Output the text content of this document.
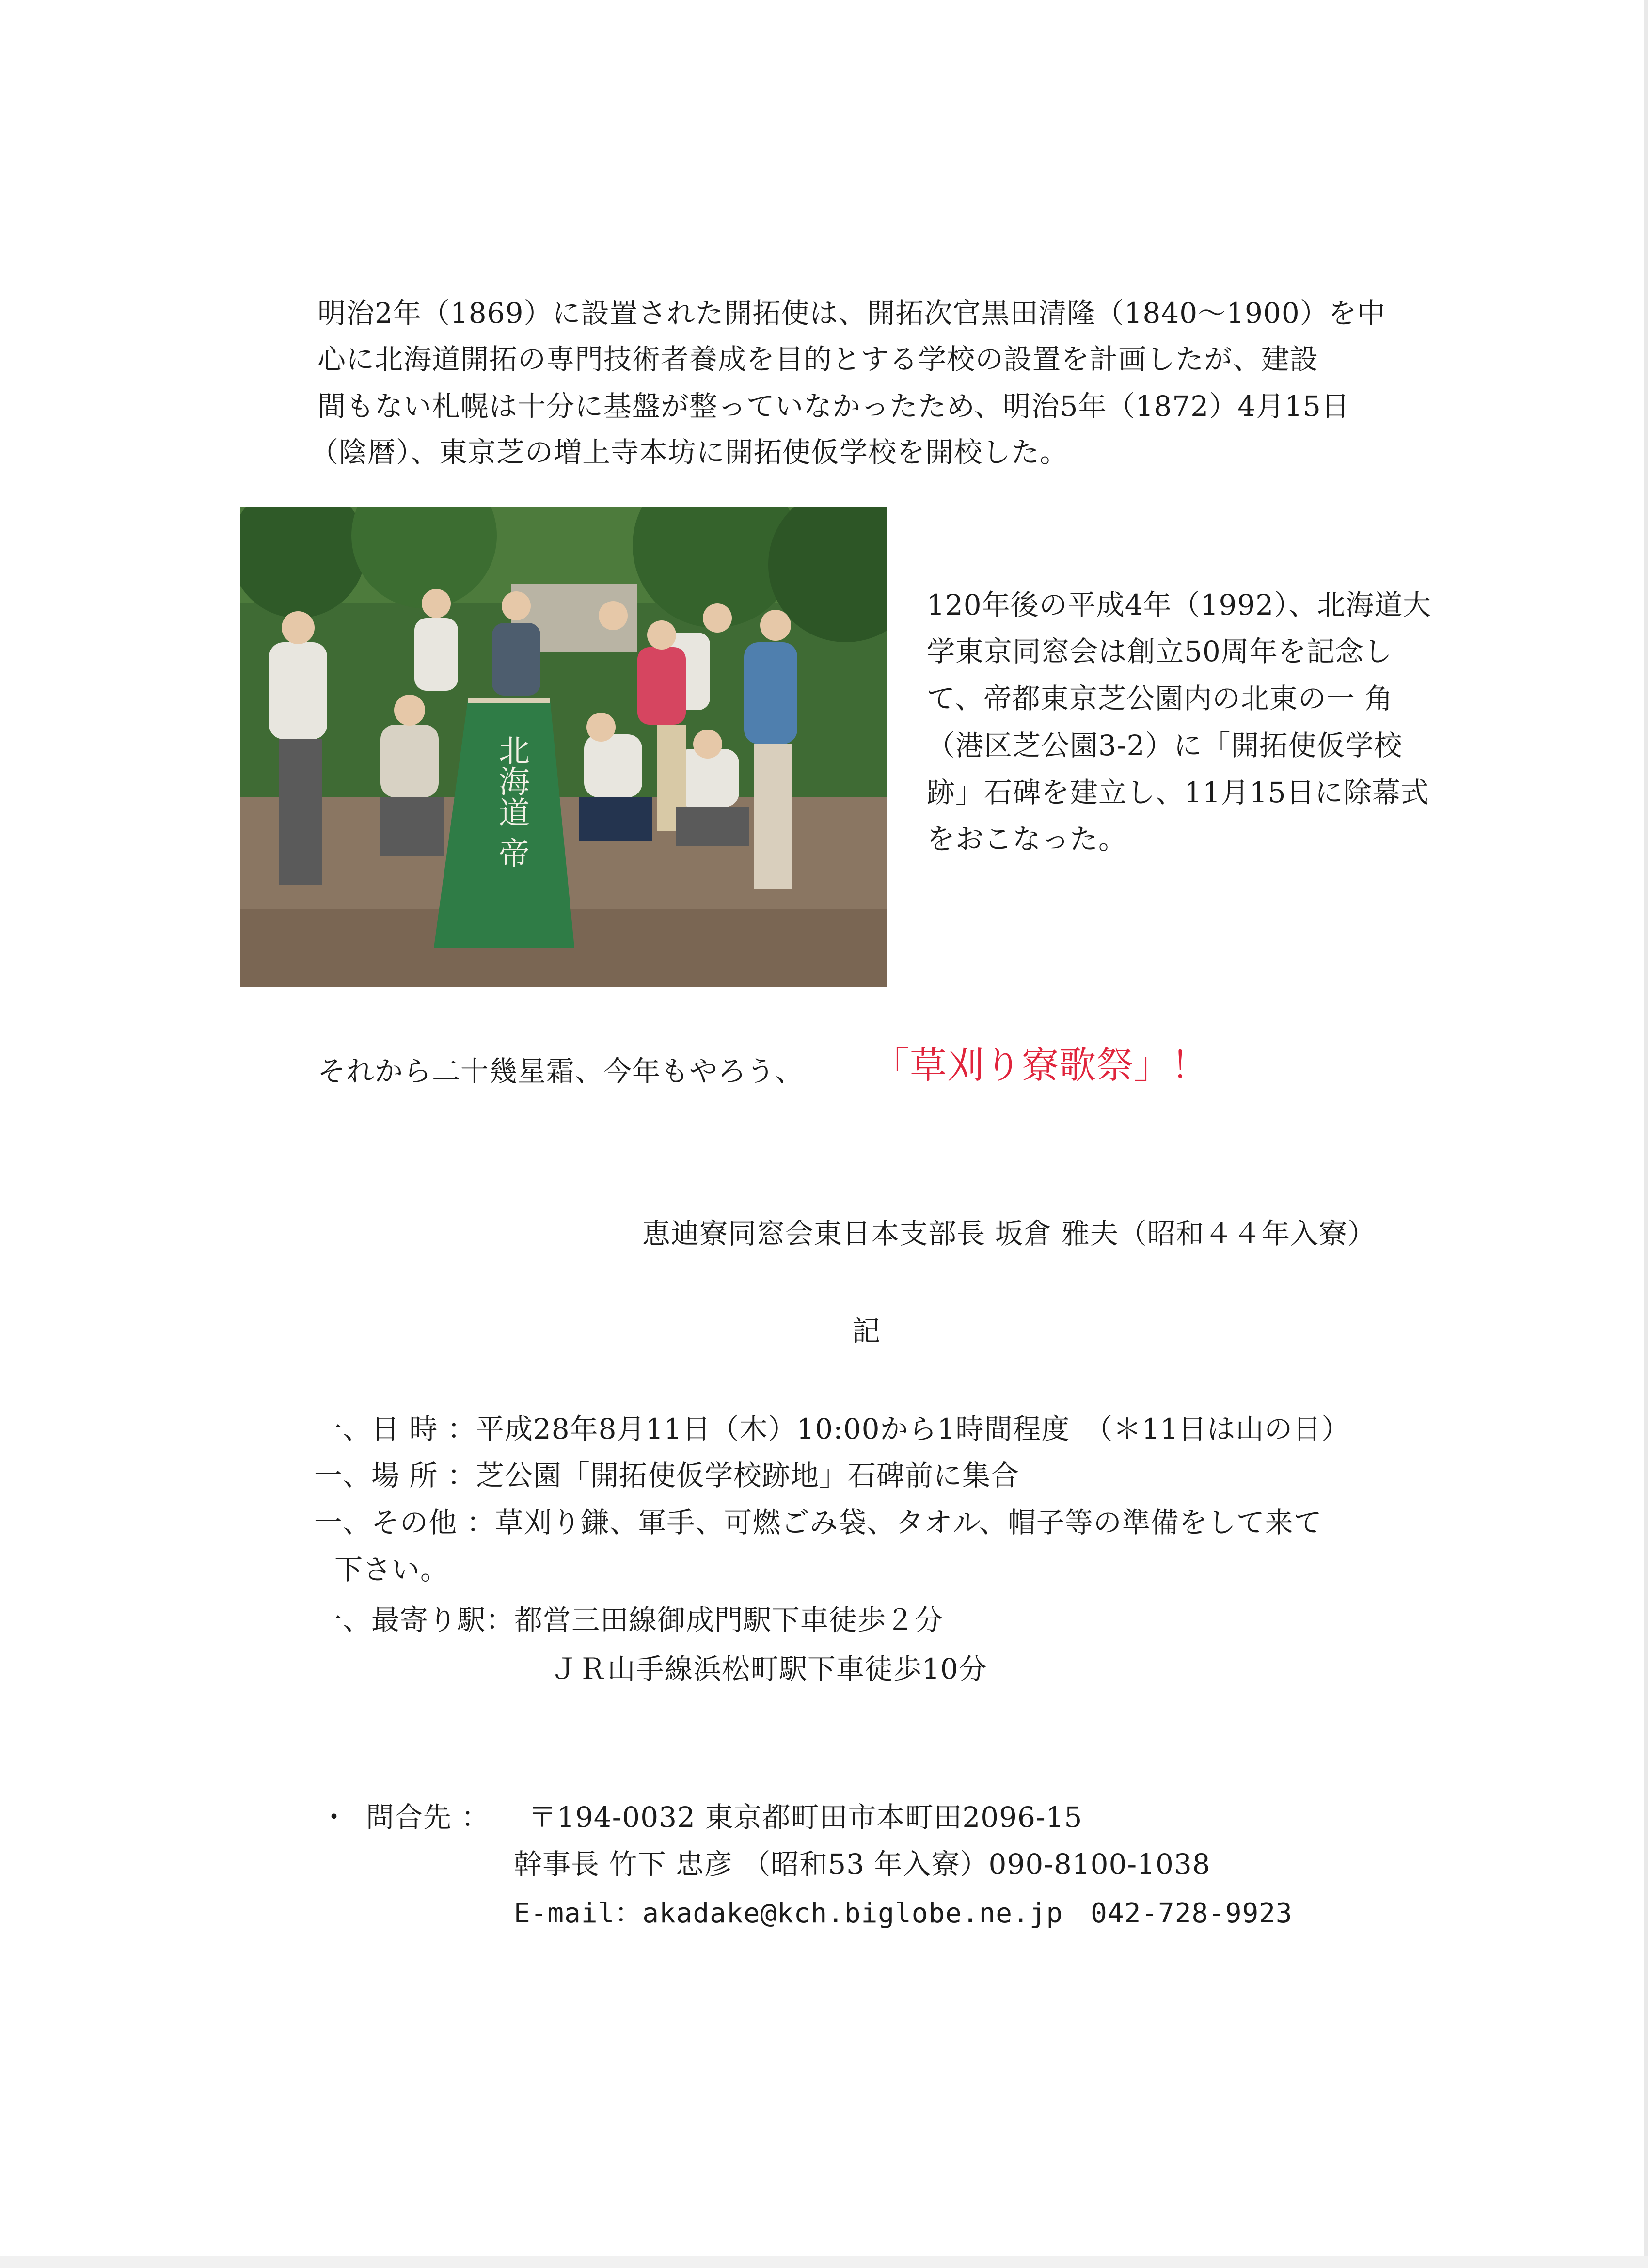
明治2年（1869）に設置された開拓使は、開拓次官黒田清隆（1840〜1900）を中
心に北海道開拓の専門技術者養成を目的とする学校の設置を計画したが、建設
間もない札幌は十分に基盤が整っていなかったため、明治5年（1872）4月15日
（陰暦）、東京芝の増上寺本坊に開拓使仮学校を開校した。
北海道 帝
120年後の平成4年（1992）、北海道大
学東京同窓会は創立50周年を記念し
て、帝都東京芝公園内の北東の一 角
（港区芝公園3-2）に「開拓使仮学校
跡」石碑を建立し、11月15日に除幕式
をおこなった。
それから二十幾星霜、今年もやろう、 「草刈り寮歌祭」！
恵迪寮同窓会東日本支部長 坂倉 雅夫（昭和４４年入寮）
記
一、日 時 ：平成28年8月11日（木）10:00から1時間程度　（＊11日は山の日）
一、場 所 ：芝公園「開拓使仮学校跡地」石碑前に集合
一、その他 ：草刈り鎌、軍手、可燃ごみ袋、タオル、帽子等の準備をして来て
下さい。
一、最寄り駅：都営三田線御成門駅下車徒歩２分
ＪＲ山手線浜松町駅下車徒歩10分
・ 問合先 ： 〒194-0032 東京都町田市本町田2096-15
幹事長 竹下 忠彦 （昭和53 年入寮）090-8100-1038
E-mail：akadake@kch.biglobe.ne.jp　042-728-9923
